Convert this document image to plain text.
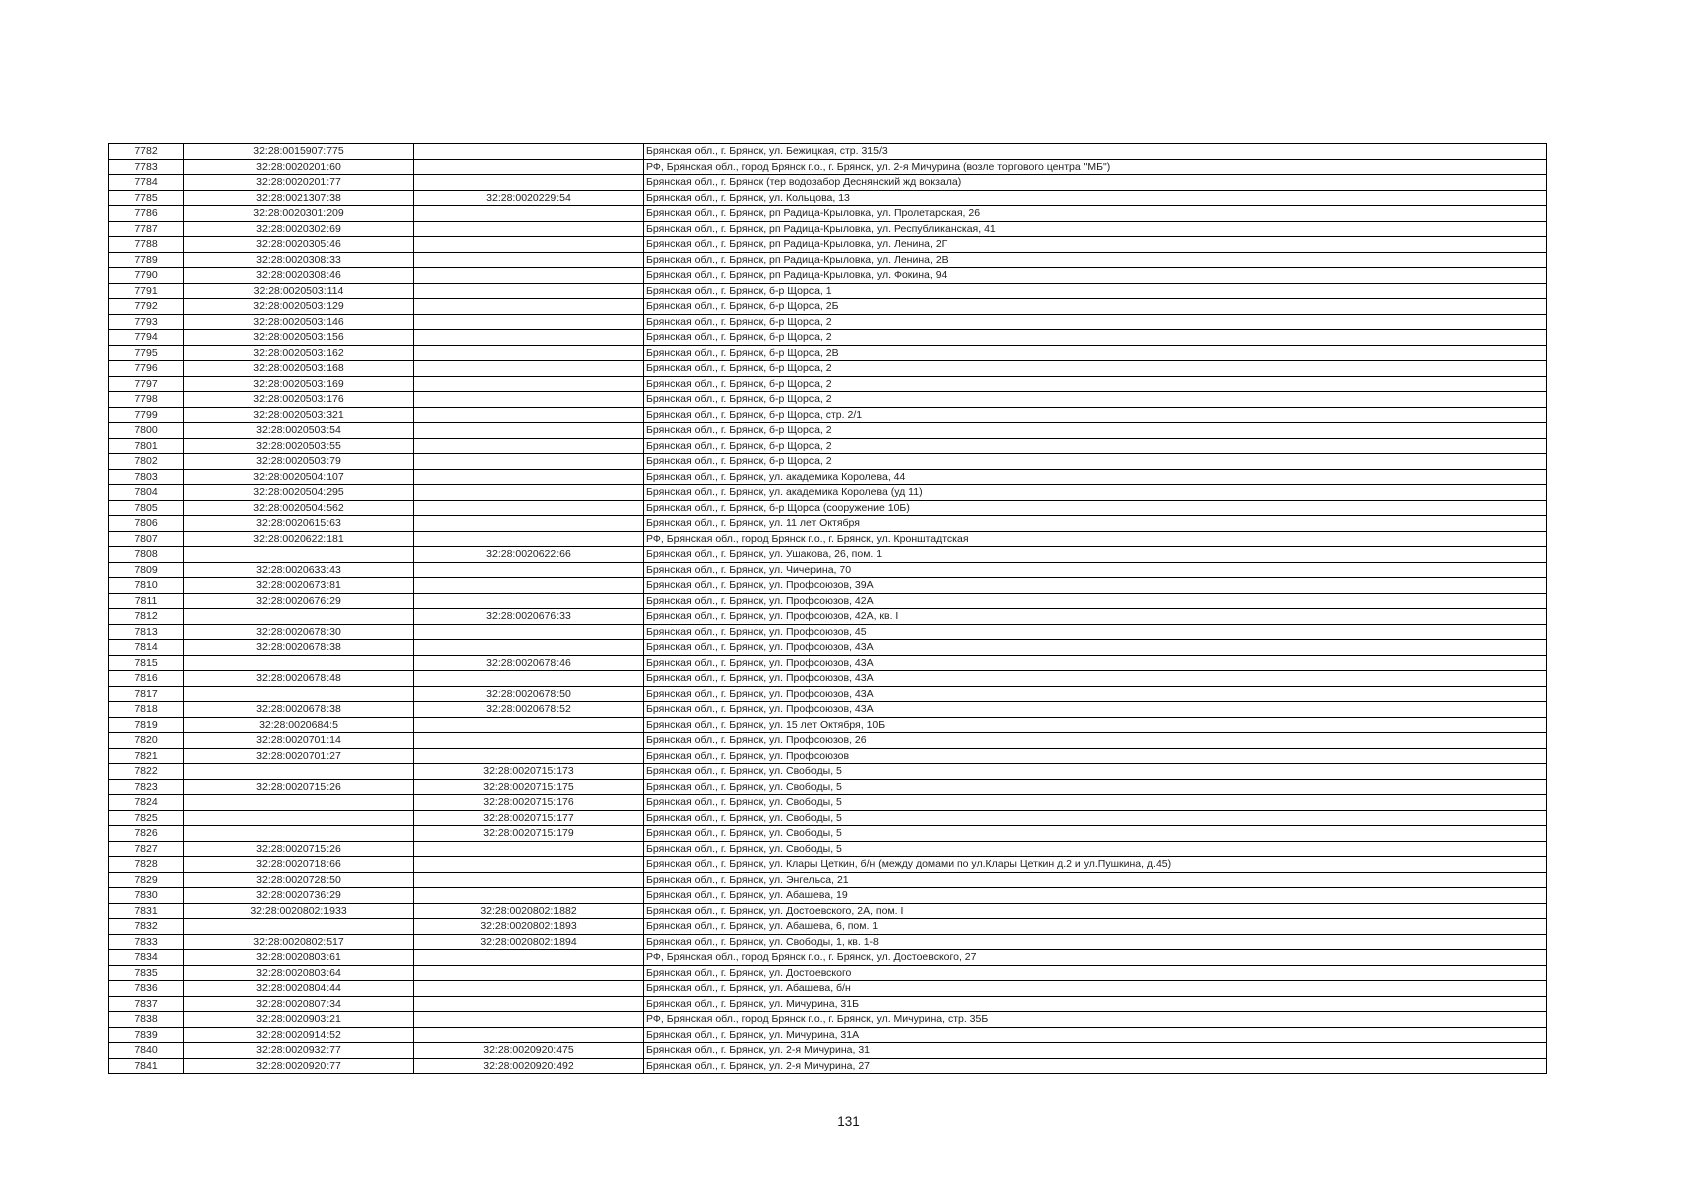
7782	32:28:0015907:775		Брянская обл., г. Брянск, ул. Бежицкая, стр. 315/3
7783	32:28:0020201:60		РФ, Брянская обл., город Брянск г.о., г. Брянск, ул. 2-я Мичурина (возле торгового центра "МБ")
7784	32:28:0020201:77		Брянская обл., г. Брянск (тер водозабор Деснянский жд вокзала)
7785	32:28:0021307:38	32:28:0020229:54	Брянская обл., г. Брянск, ул. Кольцова, 13
7786	32:28:0020301:209		Брянская обл., г. Брянск, рп Радица-Крыловка, ул. Пролетарская, 26
7787	32:28:0020302:69		Брянская обл., г. Брянск, рп Радица-Крыловка, ул. Республиканская, 41
7788	32:28:0020305:46		Брянская обл., г. Брянск, рп Радица-Крыловка, ул. Ленина, 2Г
7789	32:28:0020308:33		Брянская обл., г. Брянск, рп Радица-Крыловка, ул. Ленина, 2В
7790	32:28:0020308:46		Брянская обл., г. Брянск, рп Радица-Крыловка, ул. Фокина, 94
7791	32:28:0020503:114		Брянская обл., г. Брянск, б-р Щорса, 1
7792	32:28:0020503:129		Брянская обл., г. Брянск, б-р Щорса, 2Б
7793	32:28:0020503:146		Брянская обл., г. Брянск, б-р Щорса, 2
7794	32:28:0020503:156		Брянская обл., г. Брянск, б-р Щорса, 2
7795	32:28:0020503:162		Брянская обл., г. Брянск, б-р Щорса, 2В
7796	32:28:0020503:168		Брянская обл., г. Брянск, б-р Щорса, 2
7797	32:28:0020503:169		Брянская обл., г. Брянск, б-р Щорса, 2
7798	32:28:0020503:176		Брянская обл., г. Брянск, б-р Щорса, 2
7799	32:28:0020503:321		Брянская обл., г. Брянск, б-р Щорса, стр. 2/1
7800	32:28:0020503:54		Брянская обл., г. Брянск, б-р Щорса, 2
7801	32:28:0020503:55		Брянская обл., г. Брянск, б-р Щорса, 2
7802	32:28:0020503:79		Брянская обл., г. Брянск, б-р Щорса, 2
7803	32:28:0020504:107		Брянская обл., г. Брянск, ул. академика Королева, 44
7804	32:28:0020504:295		Брянская обл., г. Брянск, ул. академика Королева (уд 11)
7805	32:28:0020504:562		Брянская обл., г. Брянск, б-р Щорса (сооружение 10Б)
7806	32:28:0020615:63		Брянская обл., г. Брянск, ул. 11 лет Октября
7807	32:28:0020622:181		РФ, Брянская обл., город Брянск г.о., г. Брянск, ул. Кронштадтская
7808		32:28:0020622:66	Брянская обл., г. Брянск, ул. Ушакова, 26, пом. 1
7809	32:28:0020633:43		Брянская обл., г. Брянск, ул. Чичерина, 70
7810	32:28:0020673:81		Брянская обл., г. Брянск, ул. Профсоюзов, 39А
7811	32:28:0020676:29		Брянская обл., г. Брянск, ул. Профсоюзов, 42А
7812		32:28:0020676:33	Брянская обл., г. Брянск, ул. Профсоюзов, 42А, кв. I
7813	32:28:0020678:30		Брянская обл., г. Брянск, ул. Профсоюзов, 45
7814	32:28:0020678:38		Брянская обл., г. Брянск, ул. Профсоюзов, 43А
7815		32:28:0020678:46	Брянская обл., г. Брянск, ул. Профсоюзов, 43А
7816	32:28:0020678:48		Брянская обл., г. Брянск, ул. Профсоюзов, 43А
7817		32:28:0020678:50	Брянская обл., г. Брянск, ул. Профсоюзов, 43А
7818	32:28:0020678:38	32:28:0020678:52	Брянская обл., г. Брянск, ул. Профсоюзов, 43А
7819	32:28:0020684:5		Брянская обл., г. Брянск, ул. 15 лет Октября, 10Б
7820	32:28:0020701:14		Брянская обл., г. Брянск, ул. Профсоюзов, 26
7821	32:28:0020701:27		Брянская обл., г. Брянск, ул. Профсоюзов
7822		32:28:0020715:173	Брянская обл., г. Брянск, ул. Свободы, 5
7823	32:28:0020715:26	32:28:0020715:175	Брянская обл., г. Брянск, ул. Свободы, 5
7824		32:28:0020715:176	Брянская обл., г. Брянск, ул. Свободы, 5
7825		32:28:0020715:177	Брянская обл., г. Брянск, ул. Свободы, 5
7826		32:28:0020715:179	Брянская обл., г. Брянск, ул. Свободы, 5
7827	32:28:0020715:26		Брянская обл., г. Брянск, ул. Свободы, 5
7828	32:28:0020718:66		Брянская обл., г. Брянск, ул. Клары Цеткин, б/н (между домами по ул.Клары Цеткин д.2 и ул.Пушкина, д.45)
7829	32:28:0020728:50		Брянская обл., г. Брянск, ул. Энгельса, 21
7830	32:28:0020736:29		Брянская обл., г. Брянск, ул. Абашева, 19
7831	32:28:0020802:1933	32:28:0020802:1882	Брянская обл., г. Брянск, ул. Достоевского, 2А, пом. I
7832		32:28:0020802:1893	Брянская обл., г. Брянск, ул. Абашева, 6, пом. 1
7833	32:28:0020802:517	32:28:0020802:1894	Брянская обл., г. Брянск, ул. Свободы, 1, кв. 1-8
7834	32:28:0020803:61		РФ, Брянская обл., город Брянск г.о., г. Брянск, ул. Достоевского, 27
7835	32:28:0020803:64		Брянская обл., г. Брянск, ул. Достоевского
7836	32:28:0020804:44		Брянская обл., г. Брянск, ул. Абашева, б/н
7837	32:28:0020807:34		Брянская обл., г. Брянск, ул. Мичурина, 31Б
7838	32:28:0020903:21		РФ, Брянская обл., город Брянск г.о., г. Брянск, ул. Мичурина, стр. 35Б
7839	32:28:0020914:52		Брянская обл., г. Брянск, ул. Мичурина, 31А
7840	32:28:0020932:77	32:28:0020920:475	Брянская обл., г. Брянск, ул. 2-я Мичурина, 31
7841	32:28:0020920:77	32:28:0020920:492	Брянская обл., г. Брянск, ул. 2-я Мичурина, 27
131
